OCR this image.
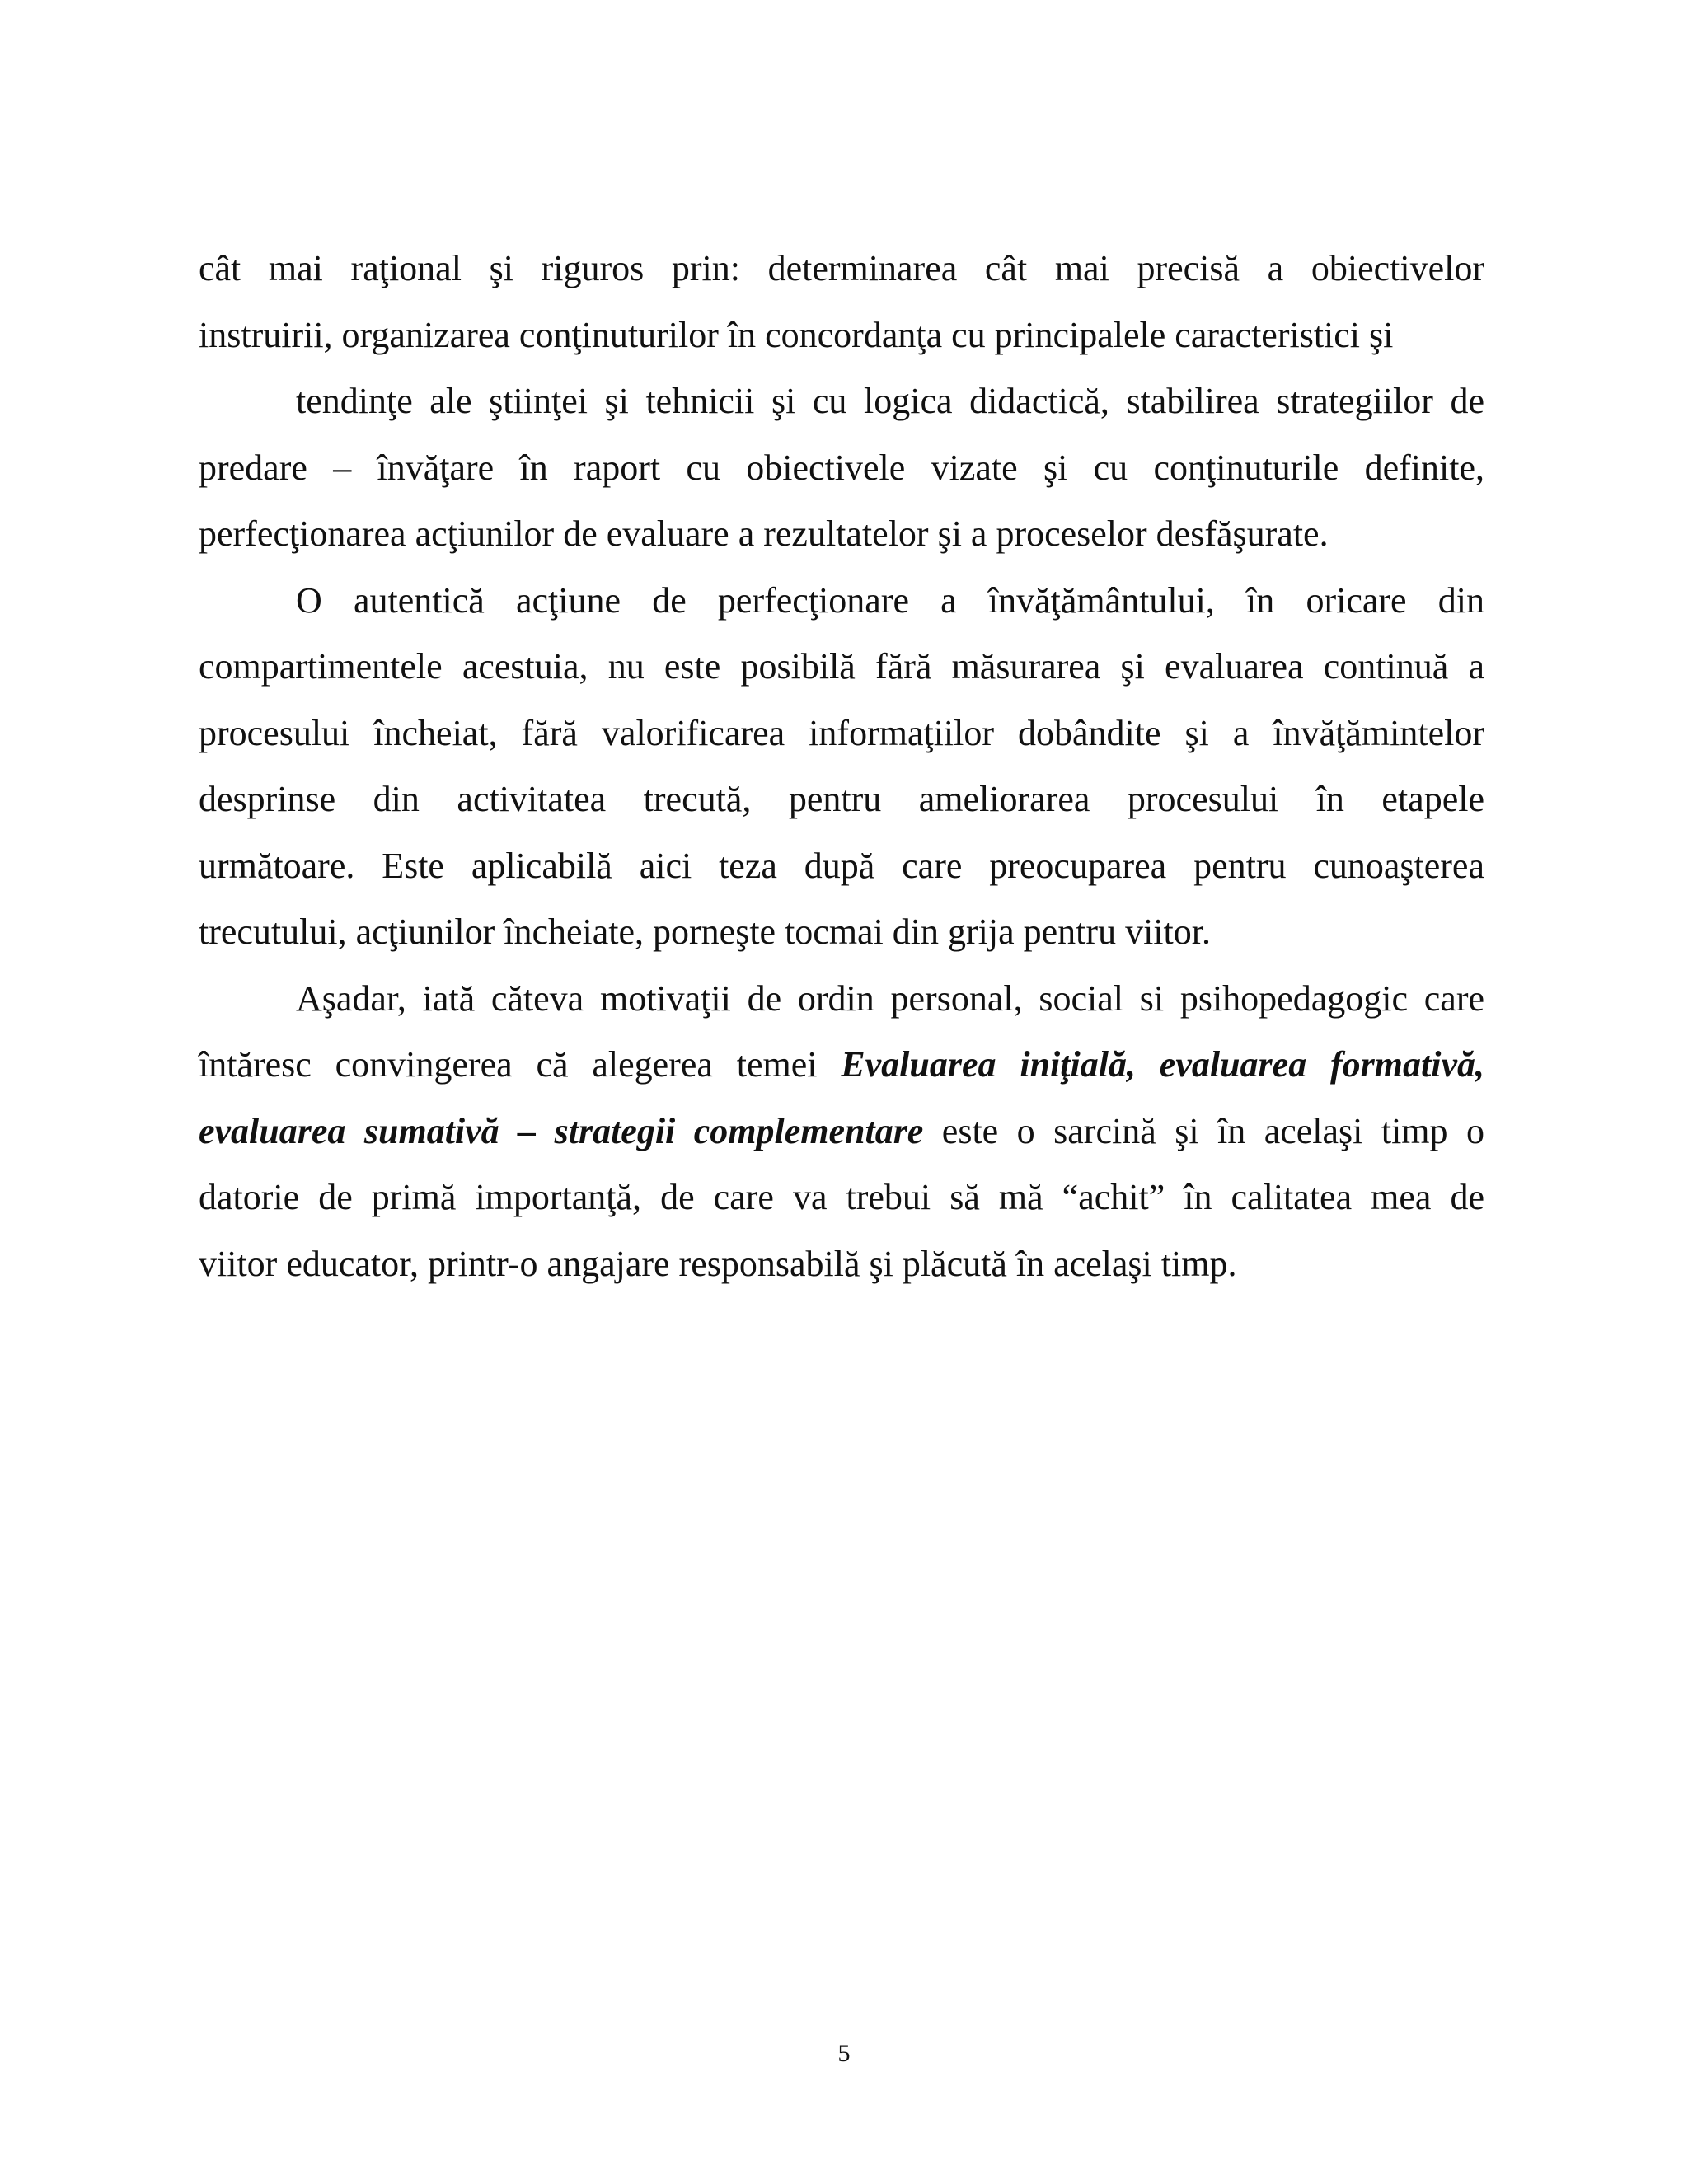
cât mai raţional şi riguros prin: determinarea cât mai precisă a obiectivelor
instruirii, organizarea conţinuturilor în concordanţa cu principalele caracteristici şi
tendinţe ale ştiinţei şi tehnicii şi cu logica didactică, stabilirea strategiilor de
predare – învăţare în raport cu obiectivele vizate şi cu conţinuturile definite,
perfecţionarea acţiunilor de evaluare a rezultatelor şi a proceselor desfăşurate.
O autentică acţiune de perfecţionare a învăţământului, în oricare din
compartimentele acestuia, nu este posibilă fără măsurarea şi evaluarea continuă a
procesului încheiat, fără valorificarea informaţiilor dobândite şi a învăţămintelor
desprinse din activitatea trecută, pentru ameliorarea procesului în etapele
următoare. Este aplicabilă aici teza după care preocuparea pentru cunoaşterea
trecutului, acţiunilor încheiate, porneşte tocmai din grija pentru viitor.
Aşadar, iată căteva motivaţii de ordin personal, social si psihopedagogic care
întăresc convingerea că alegerea temei Evaluarea iniţială, evaluarea formativă,
evaluarea sumativă – strategii complementare este o sarcină şi în acelaşi timp o
datorie de primă importanţă, de care va trebui să mă “achit” în calitatea mea de
viitor educator, printr-o angajare responsabilă şi plăcută în acelaşi timp.
5
